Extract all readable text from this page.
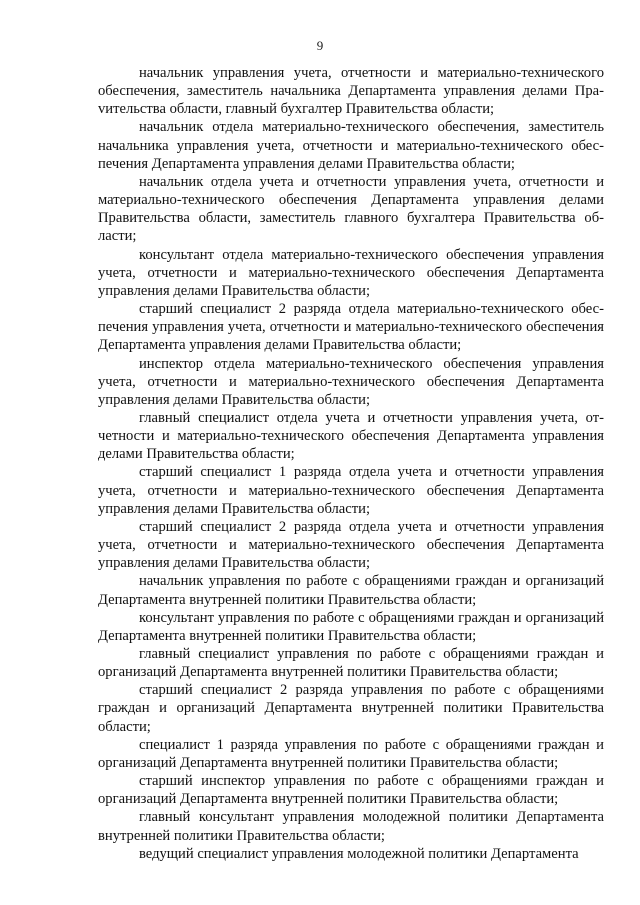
9

начальник управления учета, отчетности и материально-технического обеспечения, заместитель начальника Департамента управления делами Праvительства области, главный бухгалтер Правительства области;

начальник отдела материально-технического обеспечения, заместитель начальника управления учета, отчетности и материально-технического обеспечения Департамента управления делами Правительства области;

начальник отдела учета и отчетности управления учета, отчетности и материально-технического обеспечения Департамента управления делами Правительства области, заместитель главного бухгалтера Правительства области;

консультант отдела материально-технического обеспечения управления учета, отчетности и материально-технического обеспечения Департамента управления делами Правительства области;

старший специалист 2 разряда отдела материально-технического обеспечения управления учета, отчетности и материально-технического обеспечения Департамента управления делами Правительства области;

инспектор отдела материально-технического обеспечения управления учета, отчетности и материально-технического обеспечения Департамента управления делами Правительства области;

главный специалист отдела учета и отчетности управления учета, отчетности и материально-технического обеспечения Департамента управления делами Правительства области;

старший специалист 1 разряда отдела учета и отчетности управления учета, отчетности и материально-технического обеспечения Департамента управления делами Правительства области;

старший специалист 2 разряда отдела учета и отчетности управления учета, отчетности и материально-технического обеспечения Департамента управления делами Правительства области;

начальник управления по работе с обращениями граждан и организаций Департамента внутренней политики Правительства области;

консультант управления по работе с обращениями граждан и организаций Департамента внутренней политики Правительства области;

главный специалист управления по работе с обращениями граждан и организаций Департамента внутренней политики Правительства области;

старший специалист 2 разряда управления по работе с обращениями граждан и организаций Департамента внутренней политики Правительства области;

специалист 1 разряда управления по работе с обращениями граждан и организаций Департамента внутренней политики Правительства области;

старший инспектор управления по работе с обращениями граждан и организаций Департамента внутренней политики Правительства области;

главный консультант управления молодежной политики Департамента внутренней политики Правительства области;

ведущий специалист управления молодежной политики Департамента
